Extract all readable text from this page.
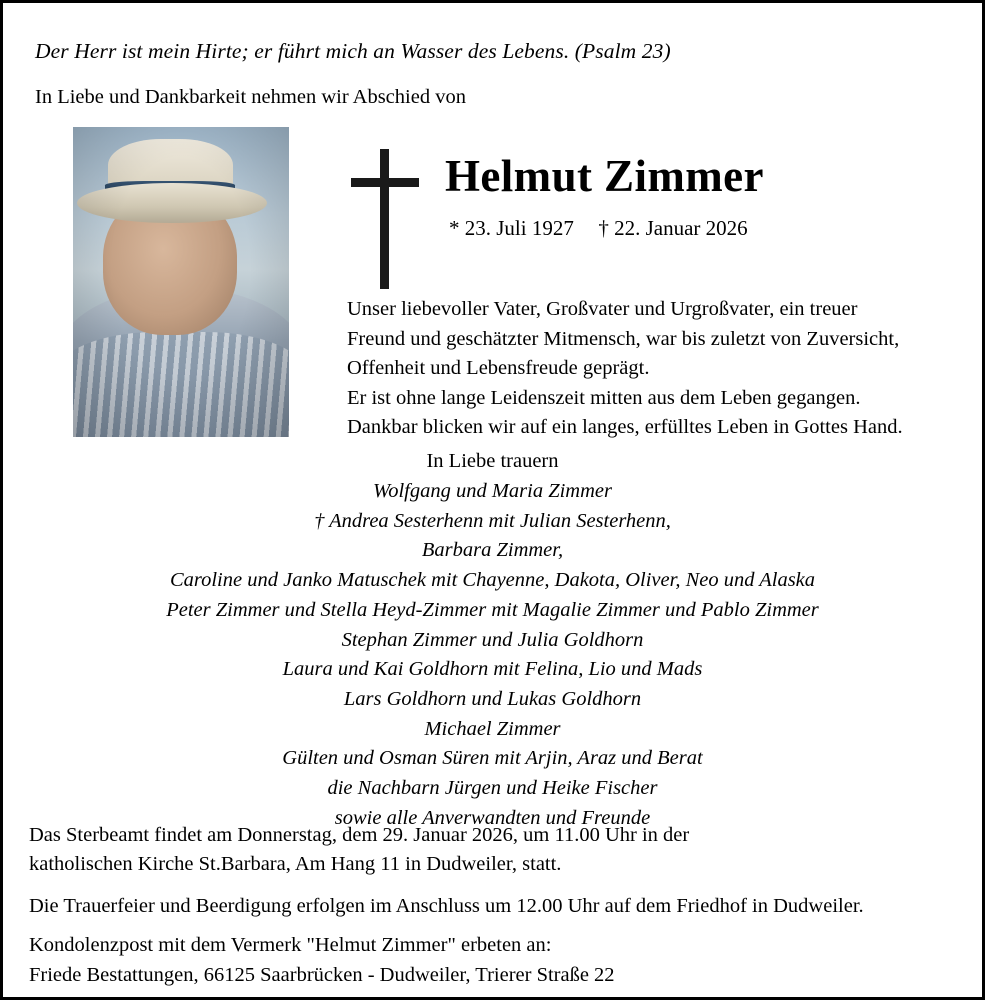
Der Herr ist mein Hirte; er führt mich an Wasser des Lebens. (Psalm 23)
In Liebe und Dankbarkeit nehmen wir Abschied von
Helmut Zimmer
* 23. Juli 1927 † 22. Januar 2026
Unser liebevoller Vater, Großvater und Urgroßvater, ein treuer
Freund und geschätzter Mitmensch, war bis zuletzt von Zuversicht,
Offenheit und Lebensfreude geprägt.
Er ist ohne lange Leidenszeit mitten aus dem Leben gegangen.
Dankbar blicken wir auf ein langes, erfülltes Leben in Gottes Hand.
In Liebe trauern
Wolfgang und Maria Zimmer
† Andrea Sesterhenn mit Julian Sesterhenn,
Barbara Zimmer,
Caroline und Janko Matuschek mit Chayenne, Dakota, Oliver, Neo und Alaska
Peter Zimmer und Stella Heyd-Zimmer mit Magalie Zimmer und Pablo Zimmer
Stephan Zimmer und Julia Goldhorn
Laura und Kai Goldhorn mit Felina, Lio und Mads
Lars Goldhorn und Lukas Goldhorn
Michael Zimmer
Gülten und Osman Süren mit Arjin, Araz und Berat
die Nachbarn Jürgen und Heike Fischer
sowie alle Anverwandten und Freunde

Das Sterbeamt findet am Donnerstag, dem 29. Januar 2026, um 11.00 Uhr in der

katholischen Kirche St.Barbara, Am Hang 11 in Dudweiler, statt.

Die Trauerfeier und Beerdigung erfolgen im Anschluss um 12.00 Uhr auf dem Friedhof in Dudweiler.

Kondolenzpost mit dem Vermerk "Helmut Zimmer" erbeten an:

Friede Bestattungen, 66125 Saarbrücken - Dudweiler, Trierer Straße 22
